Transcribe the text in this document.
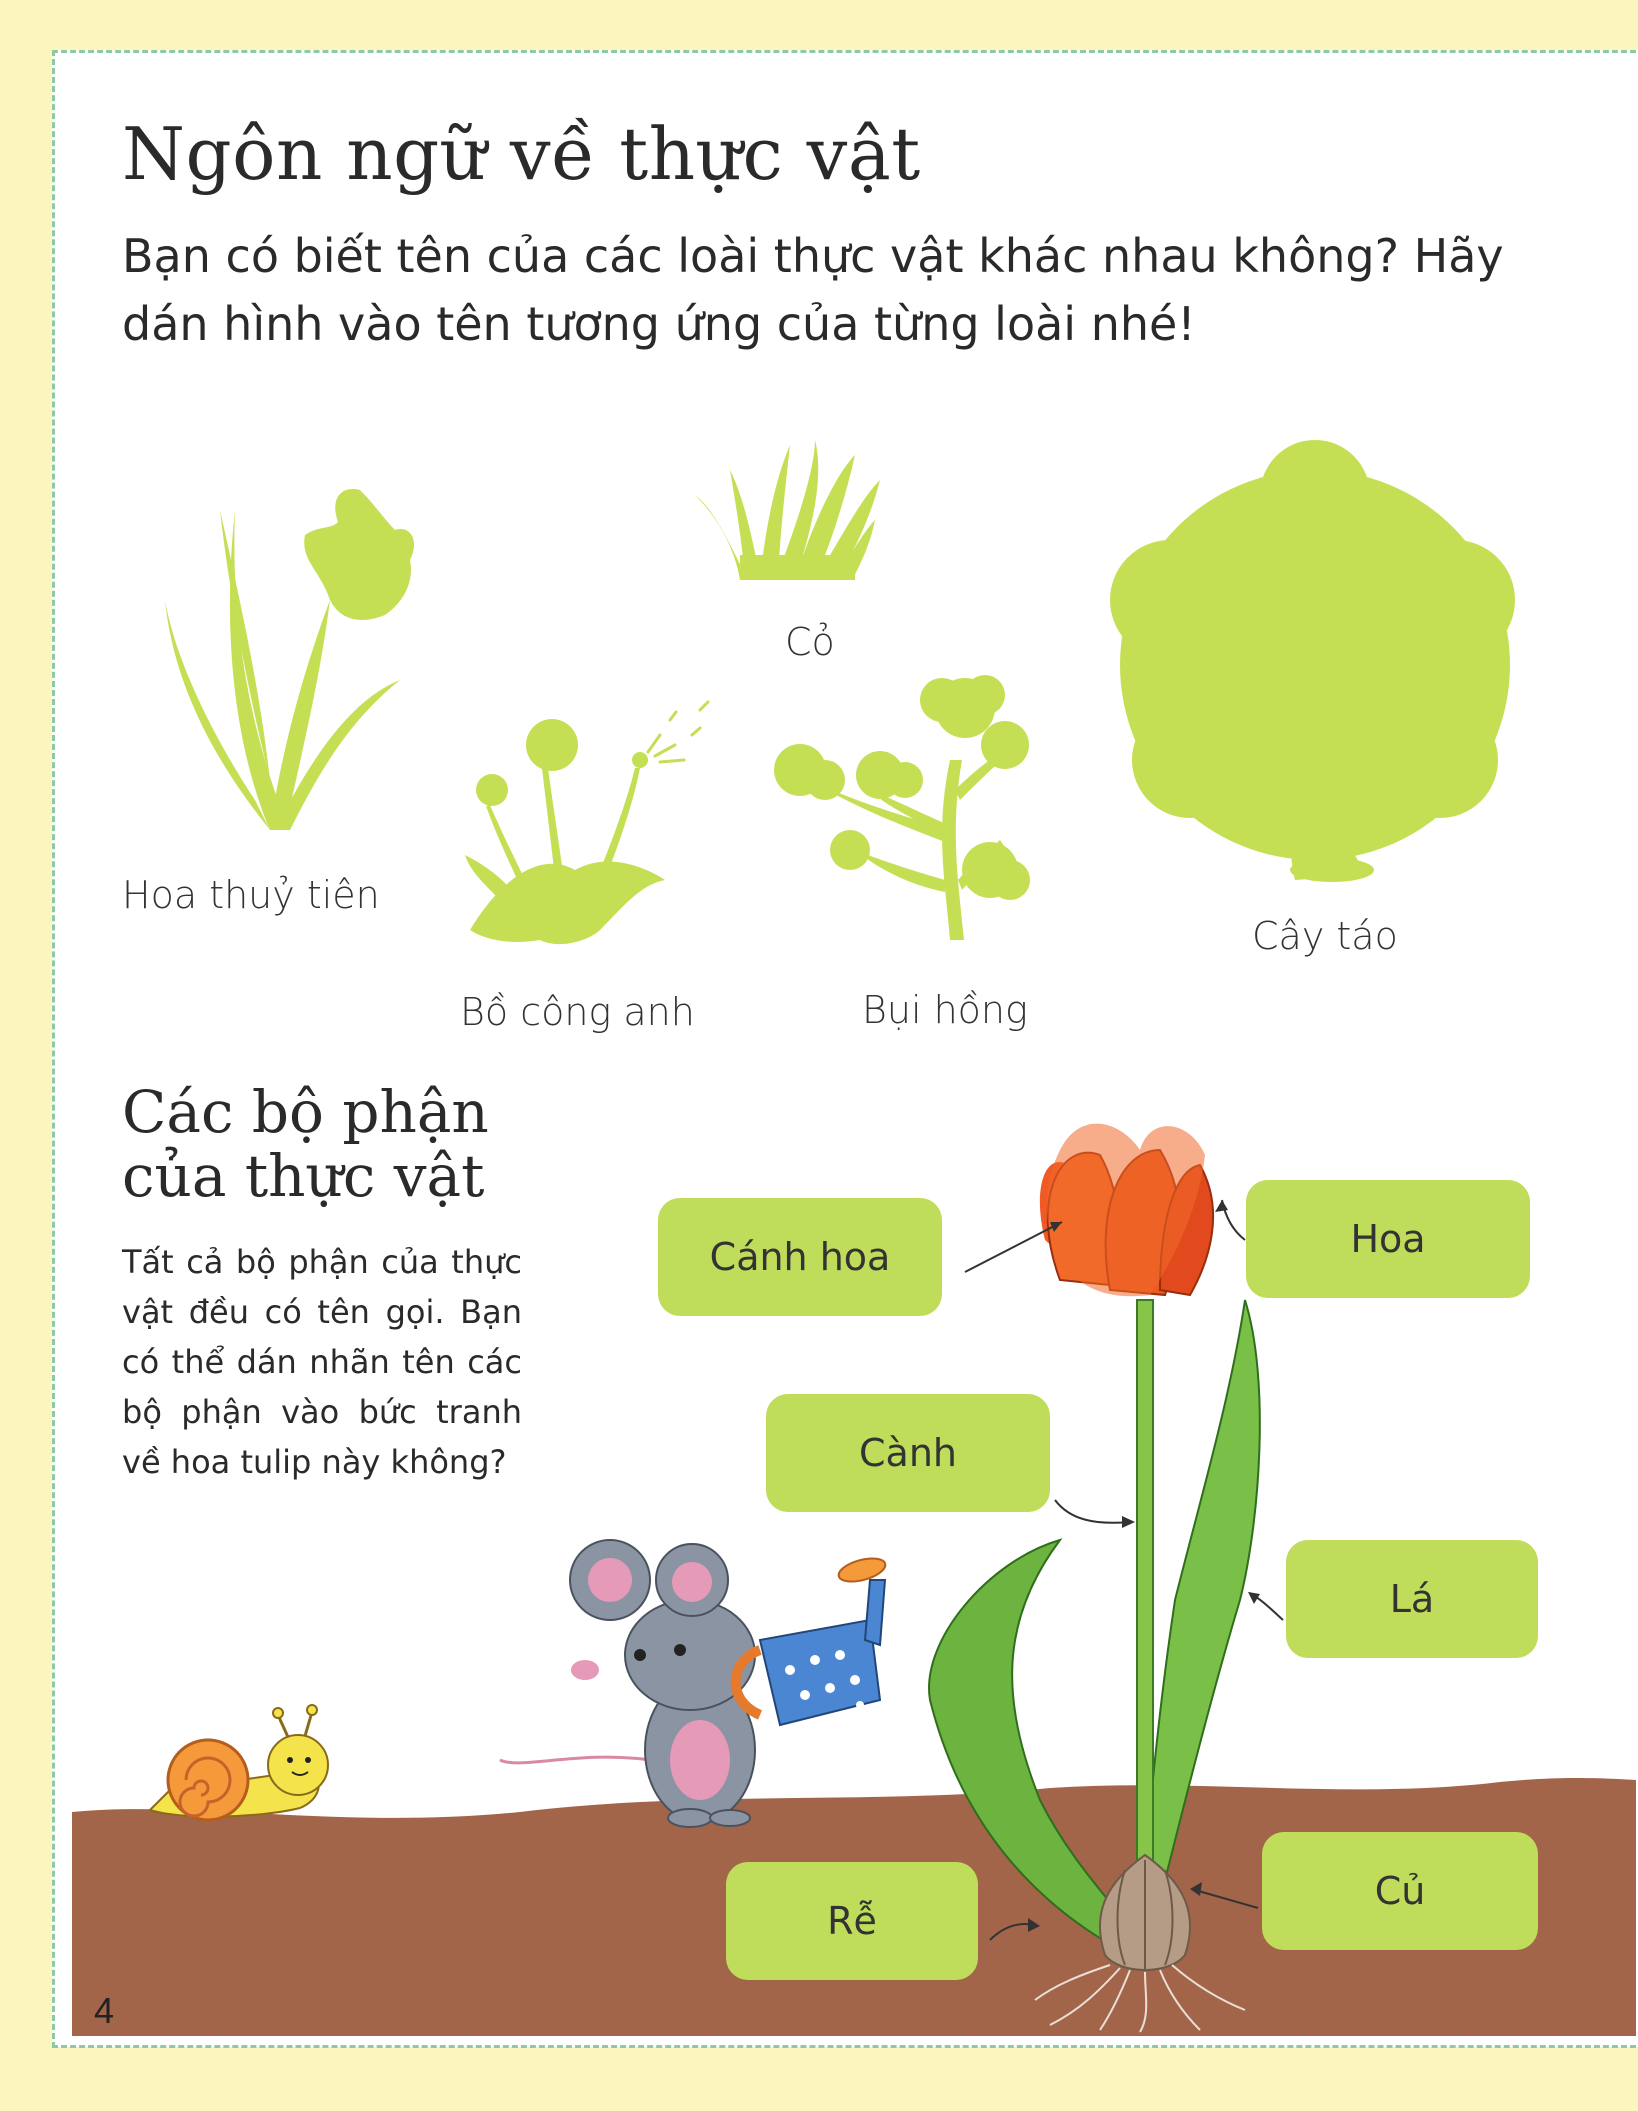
Ngôn ngữ về thực vật

Bạn có biết tên của các loài thực vật khác nhau không? Hãy dán hình vào tên tương ứng của từng loài nhé!

Hoa thuỷ tiên
Cỏ
Cây táo
Bồ công anh	Bụi hồng
Các bộ phận của thực vật

Tất cả bộ phận của thực vật đều có tên gọi. Bạn có thể dán nhãn tên các bộ phận vào bức tranh về hoa tulip này không?

Cánh hoa	Hoa
Cành
Lá
Rễ
Củ
4
